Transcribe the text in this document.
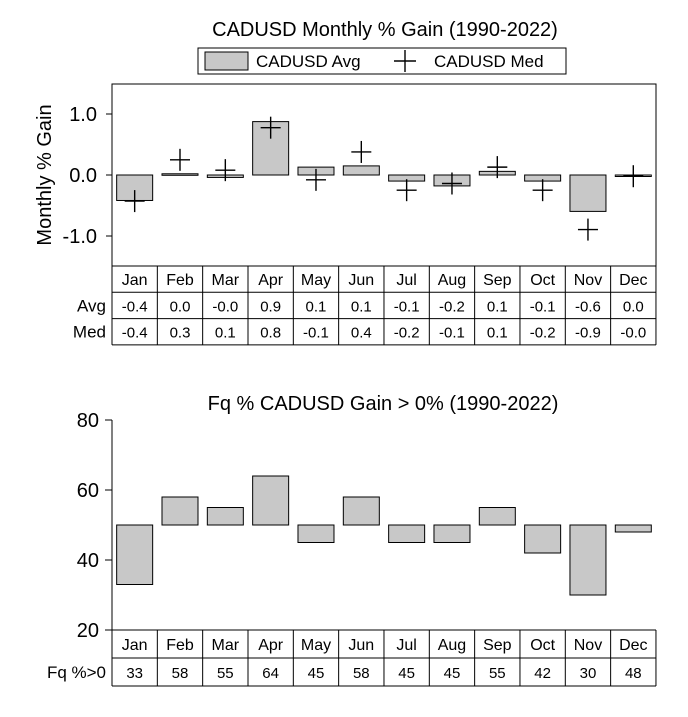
CADUSD Monthly % Gain (1990-2022)
CADUSD Avg	CADUSD Med
Monthly % Gain 1.0
0.0
-1.0
Jan Feb Mar Apr May Jun Jul Aug Sep Oct Nov Dec
Avg -0.4 0.0 -0.0 0.9 0.1 0.1 -0.1 -0.2 0.1 -0.1 -0.6 0.0
Med -0.4 0.3 0.1 0.8 -0.1 0.4 -0.2 -0.1 0.1 -0.2 -0.9 -0.0
Fq % CADUSD Gain > 0% (1990-2022)
80
60
40
20
Jan Feb Mar Apr May Jun Jul Aug Sep Oct Nov Dec
Fq %>0 33 58 55 64 45 58 45 45 55 42 30 48
